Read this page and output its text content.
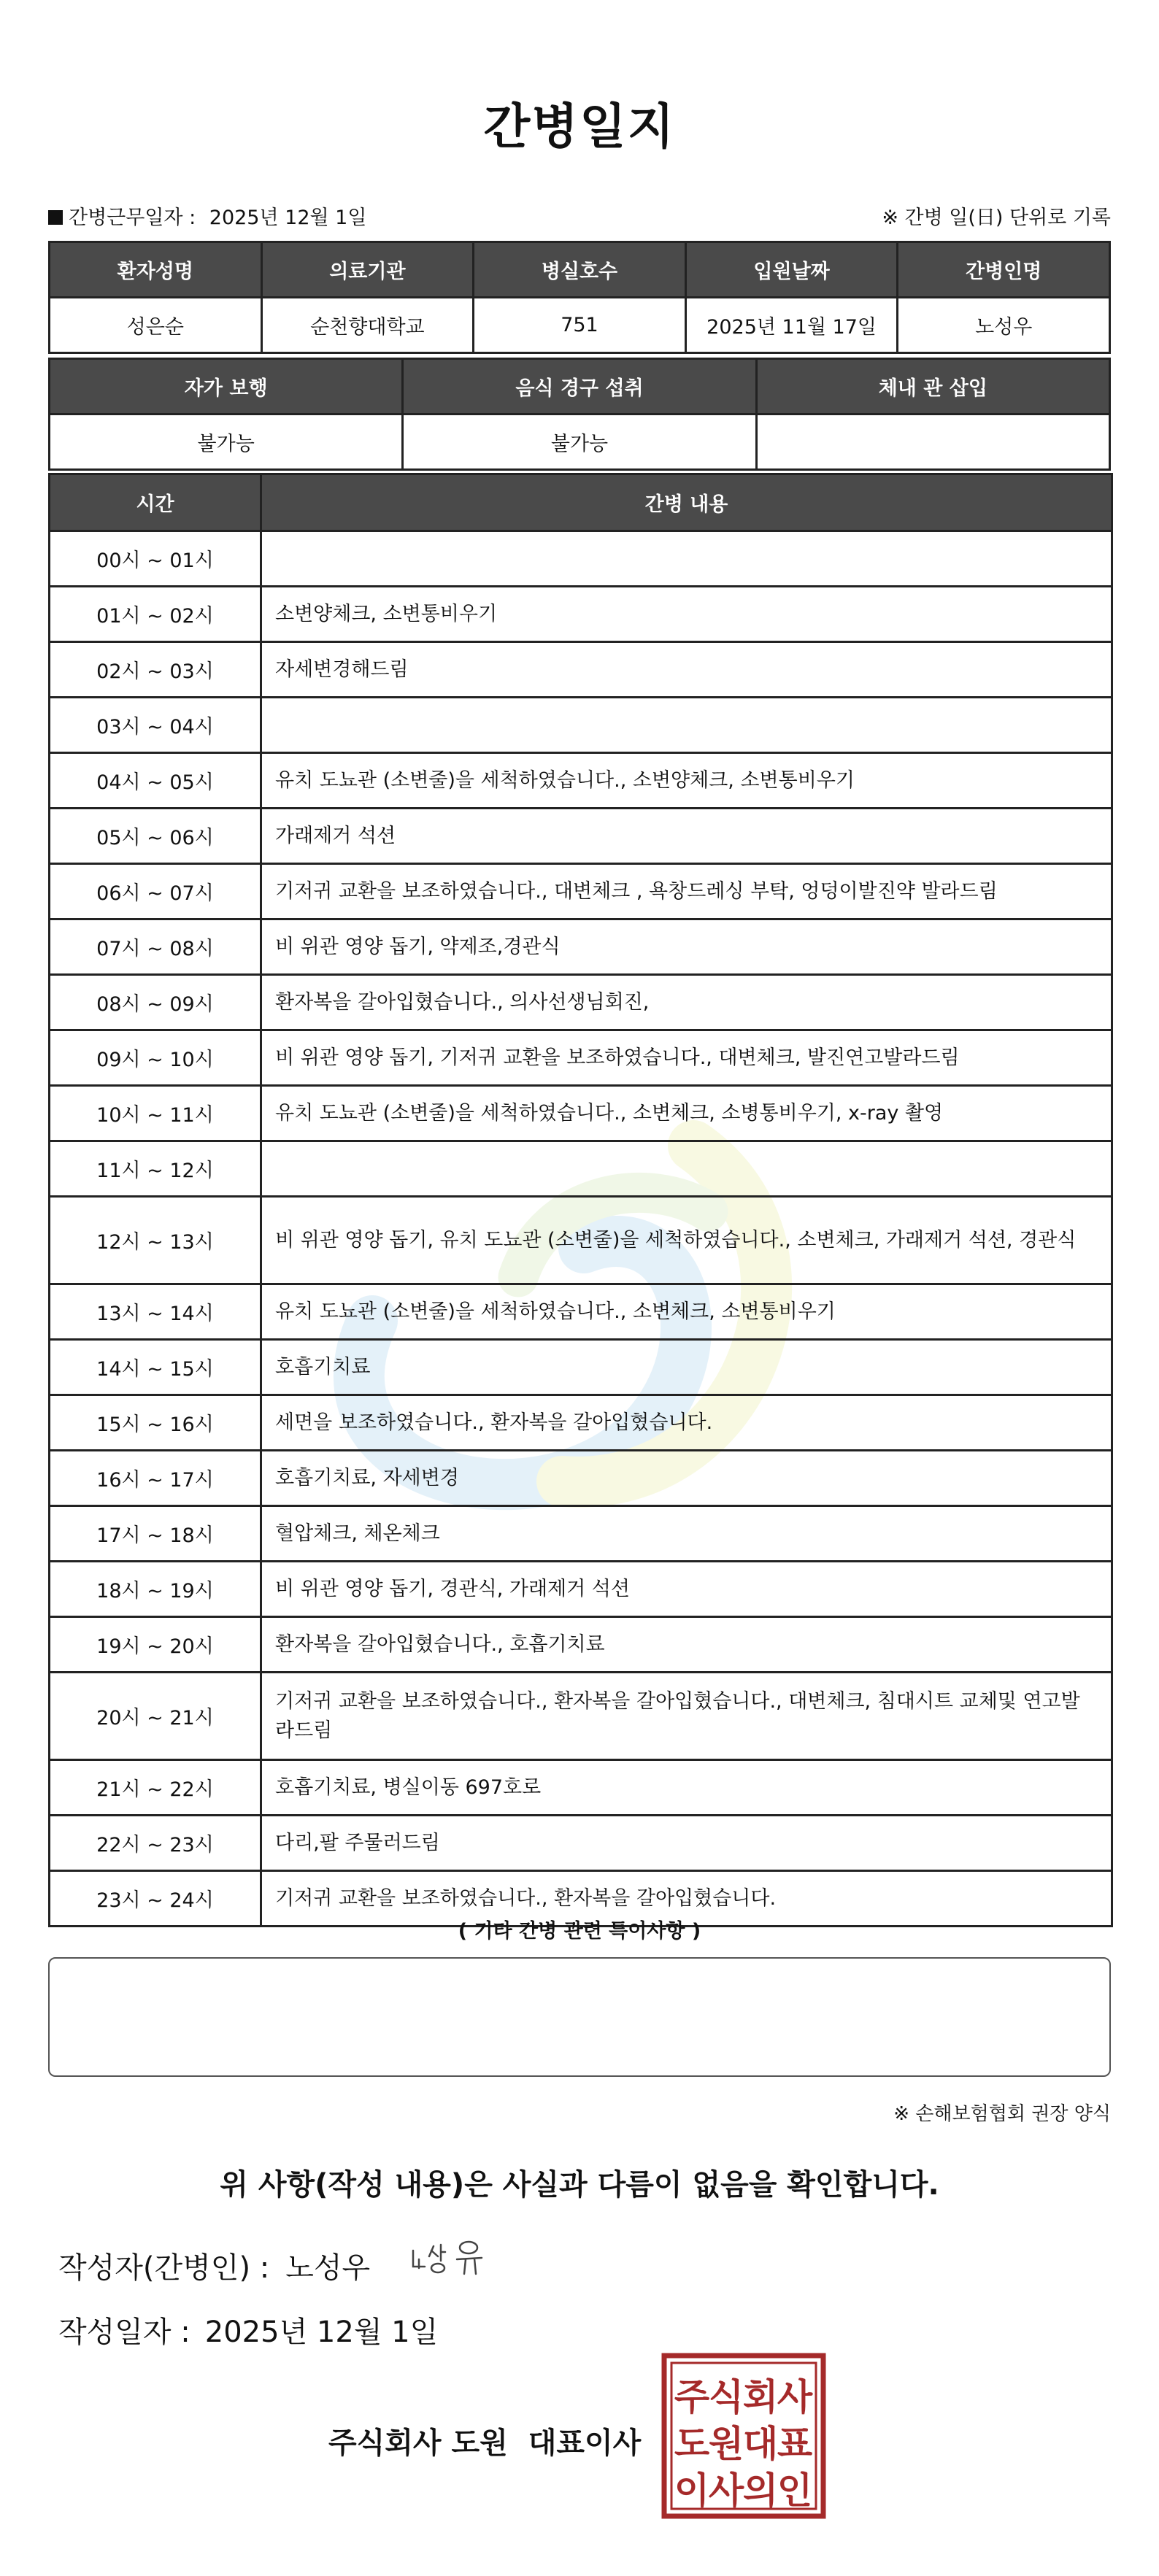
간병일지
간병근무일자 : 2025년 12월 1일	※ 간병 일(日) 단위로 기록
환자성명	의료기관	병실호수	입원날짜	간병인명
성은순	순천향대학교	751	2025년 11월 17일	노성우
자가 보행	음식 경구 섭취	체내 관 삽입
불가능	불가능	
시간	간병 내용
00시 ~ 01시	
01시 ~ 02시	소변양체크, 소변통비우기
02시 ~ 03시	자세변경해드림
03시 ~ 04시	
04시 ~ 05시	유치 도뇨관 (소변줄)을 세척하였습니다., 소변양체크, 소변통비우기
05시 ~ 06시	가래제거 석션
06시 ~ 07시	기저귀 교환을 보조하였습니다., 대변체크 , 욕창드레싱 부탁, 엉덩이발진약 발라드림
07시 ~ 08시	비 위관 영양 돕기, 약제조,경관식
08시 ~ 09시	환자복을 갈아입혔습니다., 의사선생님회진,
09시 ~ 10시	비 위관 영양 돕기, 기저귀 교환을 보조하였습니다., 대변체크, 발진연고발라드림
10시 ~ 11시	유치 도뇨관 (소변줄)을 세척하였습니다., 소변체크, 소병통비우기, x-ray 촬영
11시 ~ 12시	
12시 ~ 13시	비 위관 영양 돕기, 유치 도뇨관 (소변줄)을 세척하였습니다., 소변체크, 가래제거 석션, 경관식
13시 ~ 14시	유치 도뇨관 (소변줄)을 세척하였습니다., 소변체크, 소변통비우기
14시 ~ 15시	호흡기치료
15시 ~ 16시	세면을 보조하였습니다., 환자복을 갈아입혔습니다.
16시 ~ 17시	호흡기치료, 자세변경
17시 ~ 18시	혈압체크, 체온체크
18시 ~ 19시	비 위관 영양 돕기, 경관식, 가래제거 석션
19시 ~ 20시	환자복을 갈아입혔습니다., 호흡기치료
20시 ~ 21시	기저귀 교환을 보조하였습니다., 환자복을 갈아입혔습니다., 대변체크, 침대시트 교체및 연고발라드림
21시 ~ 22시	호흡기치료, 병실이동 697호로
22시 ~ 23시	다리,팔 주물러드림
23시 ~ 24시	기저귀 교환을 보조하였습니다., 환자복을 갈아입혔습니다.
( 기타 간병 관련 특이사항 )
※ 손해보험협회 권장 양식
위 사항(작성 내용)은 사실과 다름이 없음을 확인합니다.
작성자(간병인) : 노성우
작성일자 : 2025년 12월 1일
주식회사 도원 대표이사
주
식
회
사
도
원
대
표
이
사
의
인
